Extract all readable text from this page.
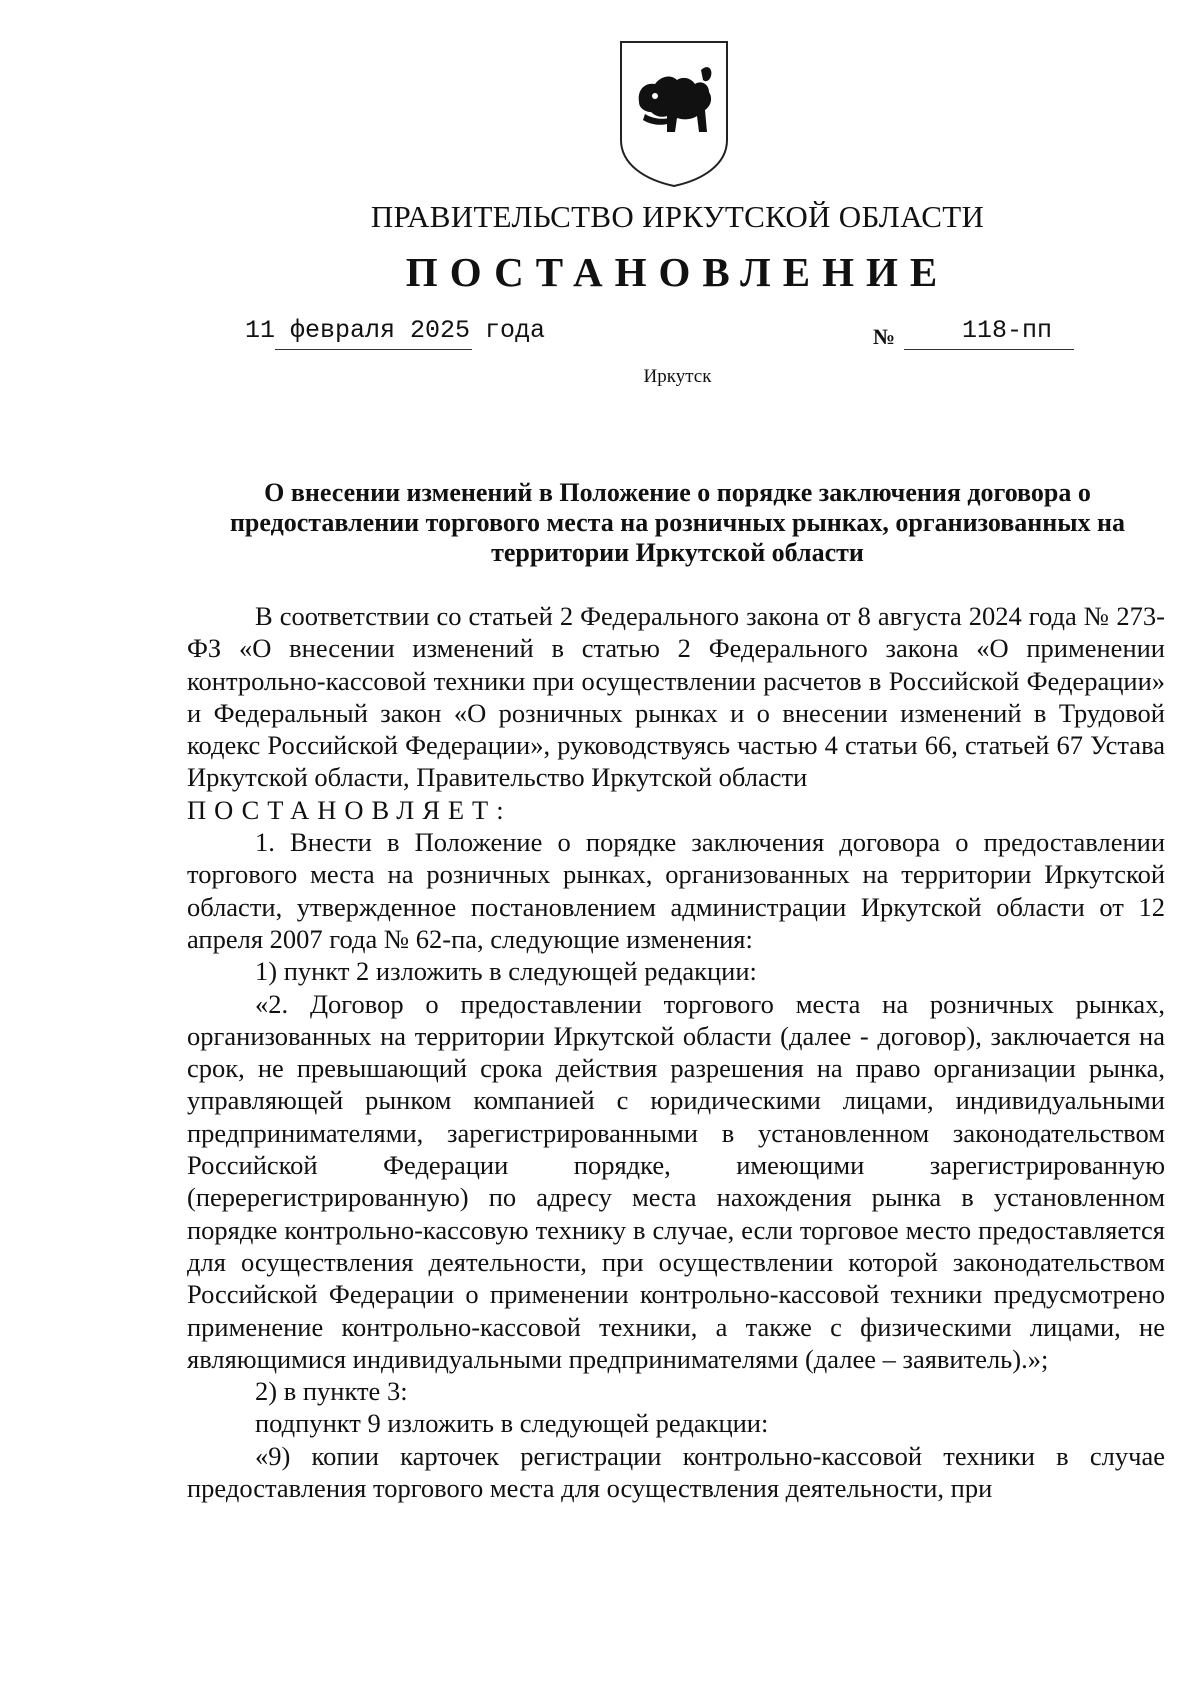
ПРАВИТЕЛЬСТВО ИРКУТСКОЙ ОБЛАСТИ
ПОСТАНОВЛЕНИЕ
11 февраля 2025 года	№	118-пп
Иркутск
О внесении изменений в Положение о порядке заключения договора о предоставлении торгового места на розничных рынках, организованных на территории Иркутской области

В соответствии со статьей 2 Федерального закона от 8 августа 2024 года № 273-ФЗ «О внесении изменений в статью 2 Федерального закона «О применении контрольно-кассовой техники при осуществлении расчетов в Российской Федерации» и Федеральный закон «О розничных рынках и о внесении изменений в Трудовой кодекс Российской Федерации», руководствуясь частью 4 статьи 66, статьей 67 Устава Иркутской области, Правительство Иркутской области

ПОСТАНОВЛЯЕТ:

1. Внести в Положение о порядке заключения договора о предоставлении торгового места на розничных рынках, организованных на территории Иркутской области, утвержденное постановлением администрации Иркутской области от 12 апреля 2007 года № 62-па, следующие изменения:

1) пункт 2 изложить в следующей редакции:

«2. Договор о предоставлении торгового места на розничных рынках, организованных на территории Иркутской области (далее - договор), заключается на срок, не превышающий срока действия разрешения на право организации рынка, управляющей рынком компанией с юридическими лицами, индивидуальными предпринимателями, зарегистрированными в установленном законодательством Российской Федерации порядке, имеющими зарегистрированную (перерегистрированную) по адресу места нахождения рынка в установленном порядке контрольно-кассовую технику в случае, если торговое место предоставляется для осуществления деятельности, при осуществлении которой законодательством Российской Федерации о применении контрольно-кассовой техники предусмотрено применение контрольно-кассовой техники, а также с физическими лицами, не являющимися индивидуальными предпринимателями (далее – заявитель).»;

2) в пункте 3:

подпункт 9 изложить в следующей редакции:

«9) копии карточек регистрации контрольно-кассовой техники в случае предоставления торгового места для осуществления деятельности, при
